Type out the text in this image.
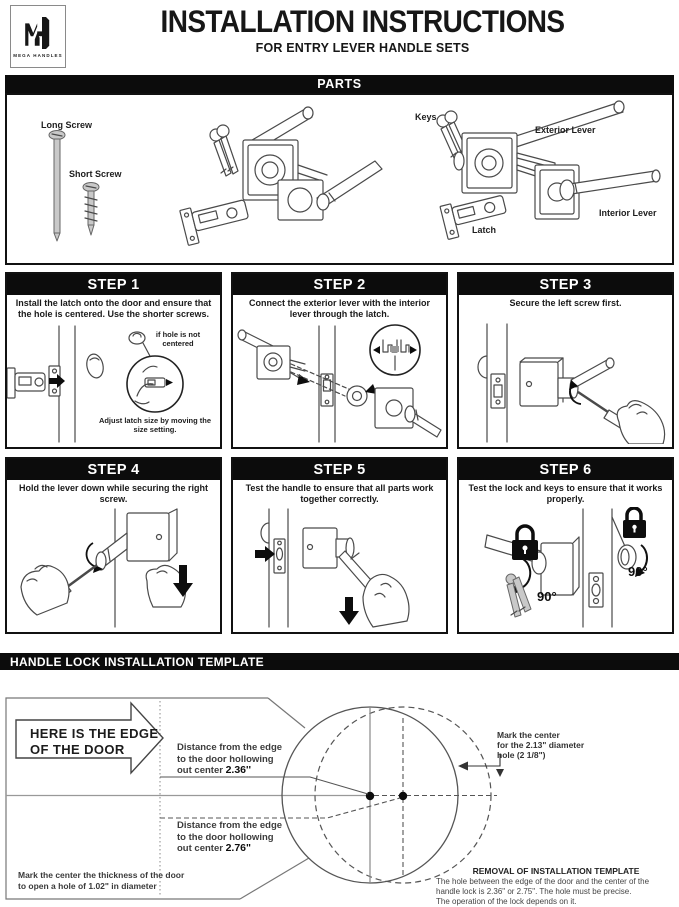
MEGA HANDLES
INSTALLATION INSTRUCTIONS
FOR ENTRY LEVER HANDLE SETS
PARTS
Long Screw
Short Screw
Keys
Exterior Lever
Latch
Interior Lever
STEP 1
Install the latch onto the door and ensure that the hole is centered. Use the shorter screws.
if hole is not centered
Adjust latch size by moving the size setting.
STEP 2
Connect the exterior lever with the interior lever through the latch.
STEP 3
Secure the left screw first.
STEP 4
Hold the lever down while securing the right screw.
STEP 5
Test the handle to ensure that all parts work together correctly.
STEP 6
Test the lock and keys to ensure that it works properly.
90°
90°
HANDLE LOCK INSTALLATION TEMPLATE
HERE IS THE EDGE
OF THE DOOR	Distance from the edge
to the door hollowing
out center 2.36''
Distance from the edge
to the door hollowing
out center 2.76"
Mark the center
for the 2.13" diameter
hole (2 1/8")
Mark the center the thickness of the door
to open a hole of 1.02" in diameter
REMOVAL OF INSTALLATION TEMPLATE
The hole between the edge of the door and the center of the
handle lock is 2.36" or 2.75". The hole must be precise.
The operation of the lock depends on it.
